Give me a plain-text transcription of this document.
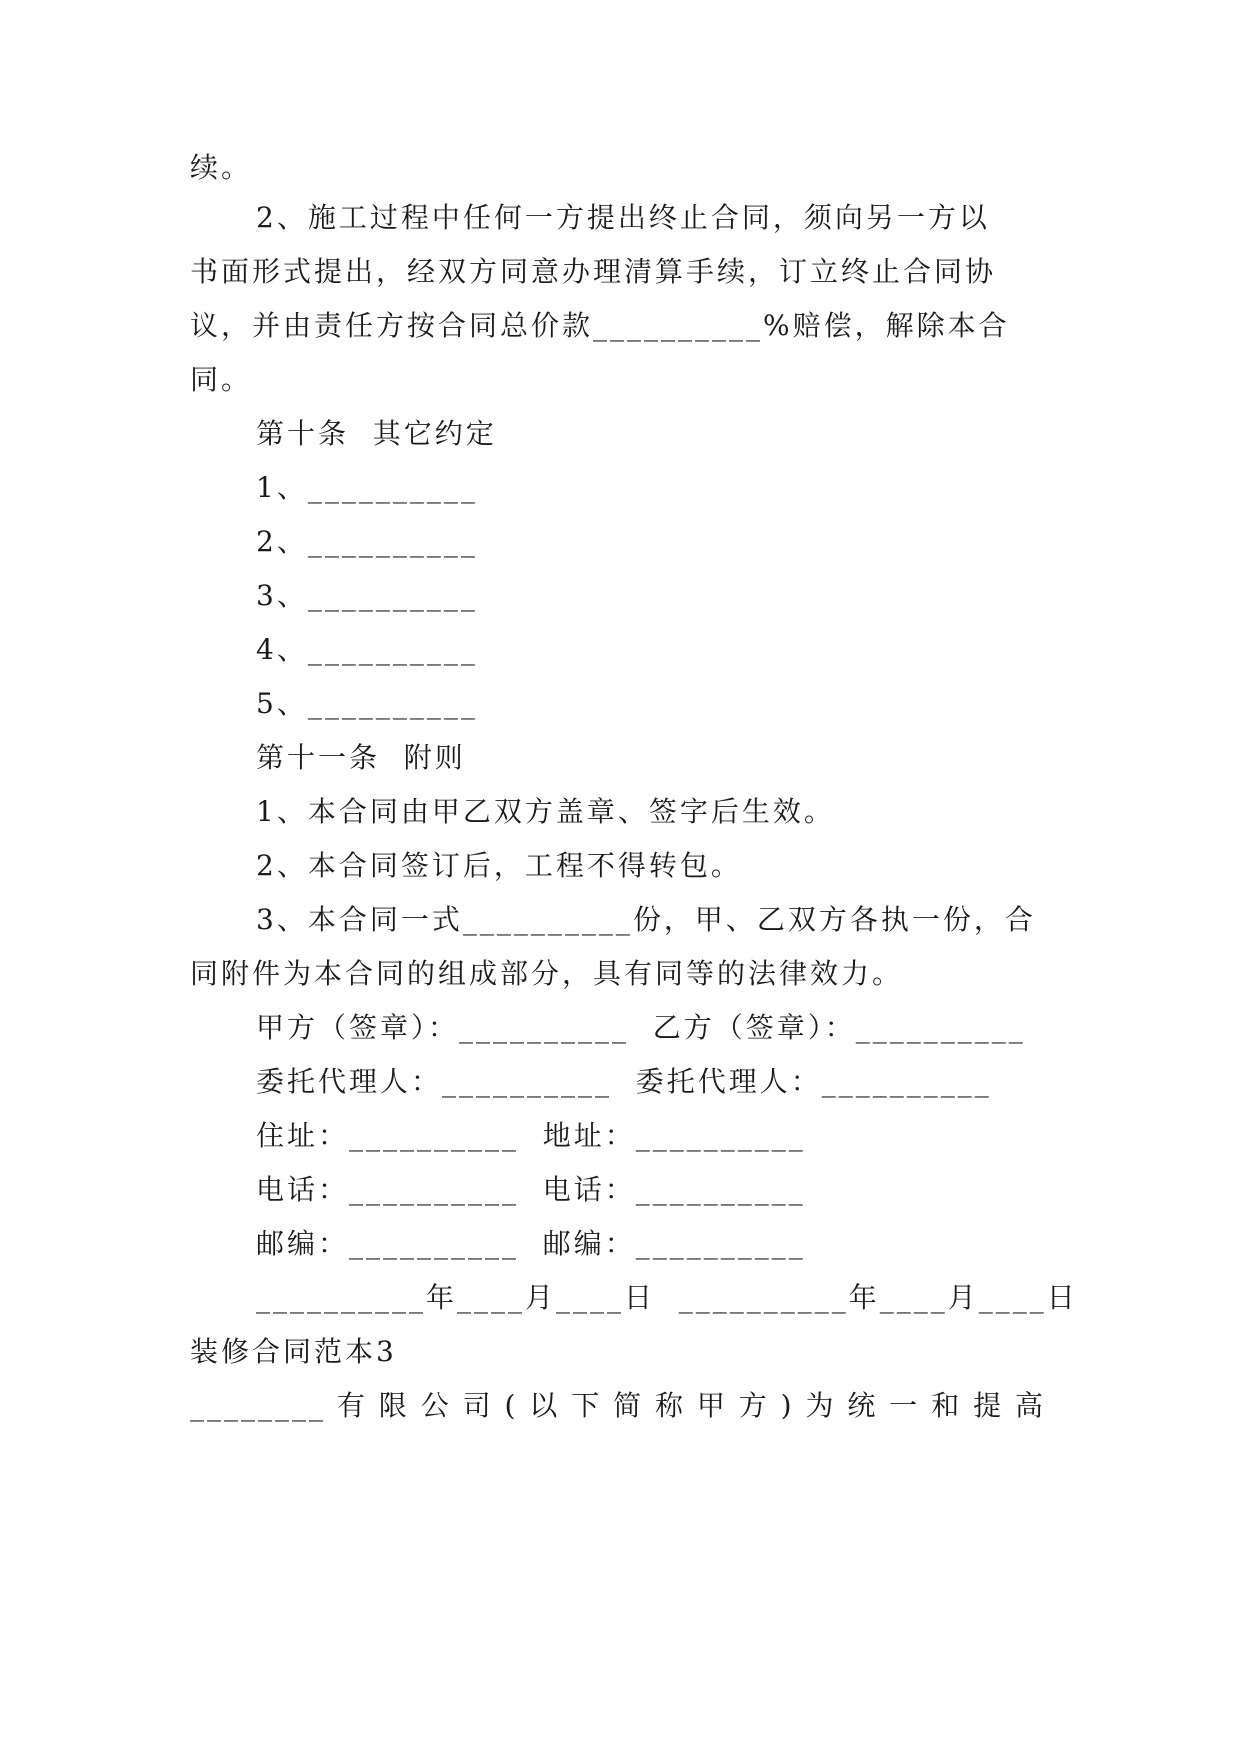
续。
2、施工过程中任何一方提出终止合同，须向另一方以
书面形式提出，经双方同意办理清算手续，订立终止合同协
议，并由责任方按合同总价款__________%赔偿，解除本合
同。
第十条  其它约定
1、__________
2、__________
3、__________
4、__________
5、__________
第十一条  附则
1、本合同由甲乙双方盖章、签字后生效。
2、本合同签订后，工程不得转包。
3、本合同一式__________份，甲、乙双方各执一份，合
同附件为本合同的组成部分，具有同等的法律效力。
甲方（签章）：__________  乙方（签章）：__________
委托代理人：__________  委托代理人：__________
住址：__________  地址：__________
电话：__________  电话：__________
邮编：__________  邮编：__________
__________年____月____日  __________年____月____日
装修合同范本3
________有限公司(以下简称甲方)为统一和提高
